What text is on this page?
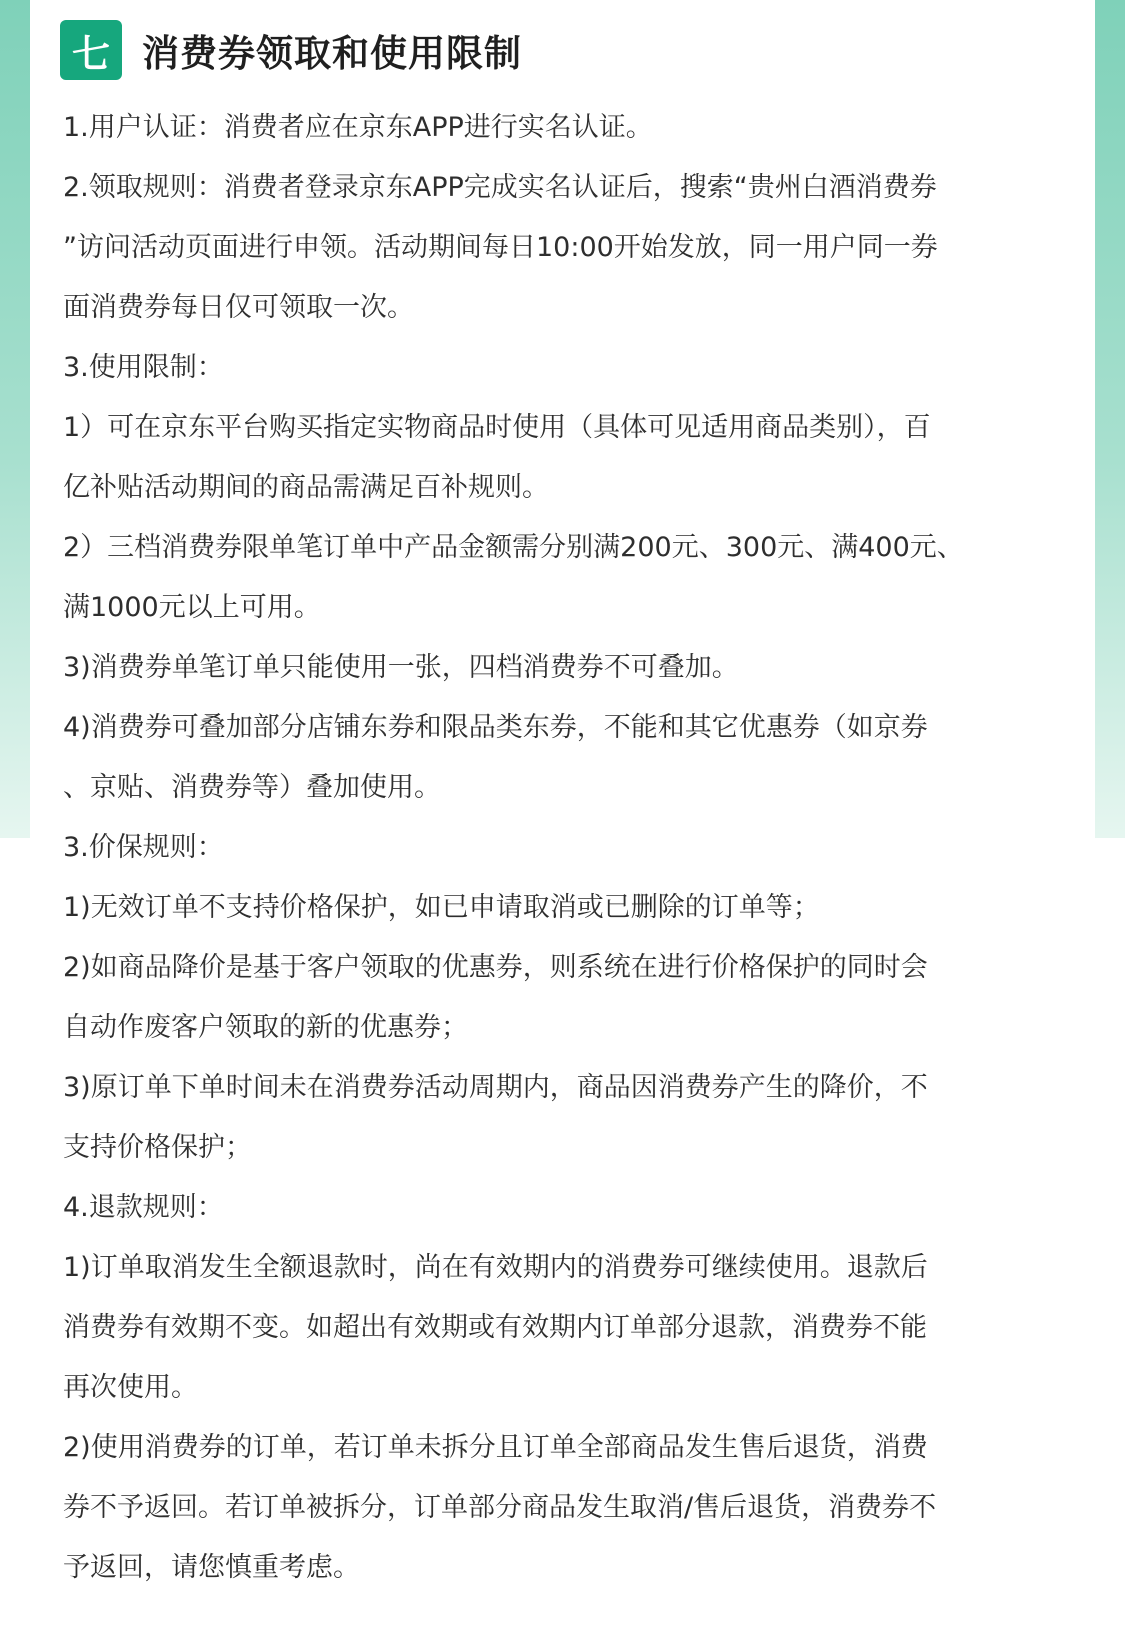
七 消费券领取和使用限制
1.用户认证：消费者应在京东APP进行实名认证。
2.领取规则：消费者登录京东APP完成实名认证后，搜索“贵州白酒消费券
”访问活动页面进行申领。活动期间每日10:00开始发放，同一用户同一券
面消费券每日仅可领取一次。
3.使用限制：
1）可在京东平台购买指定实物商品时使用（具体可见适用商品类别），百
亿补贴活动期间的商品需满足百补规则。
2）三档消费券限单笔订单中产品金额需分别满200元、300元、满400元、
满1000元以上可用。
3)消费券单笔订单只能使用一张，四档消费券不可叠加。
4)消费券可叠加部分店铺东券和限品类东券，不能和其它优惠券（如京券
、京贴、消费券等）叠加使用。
3.价保规则：
1)无效订单不支持价格保护，如已申请取消或已删除的订单等；
2)如商品降价是基于客户领取的优惠券，则系统在进行价格保护的同时会
自动作废客户领取的新的优惠券；
3)原订单下单时间未在消费券活动周期内，商品因消费券产生的降价，不
支持价格保护；
4.退款规则：
1)订单取消发生全额退款时，尚在有效期内的消费券可继续使用。退款后
消费券有效期不变。如超出有效期或有效期内订单部分退款，消费券不能
再次使用。
2)使用消费券的订单，若订单未拆分且订单全部商品发生售后退货，消费
券不予返回。若订单被拆分，订单部分商品发生取消/售后退货，消费券不
予返回，请您慎重考虑。
